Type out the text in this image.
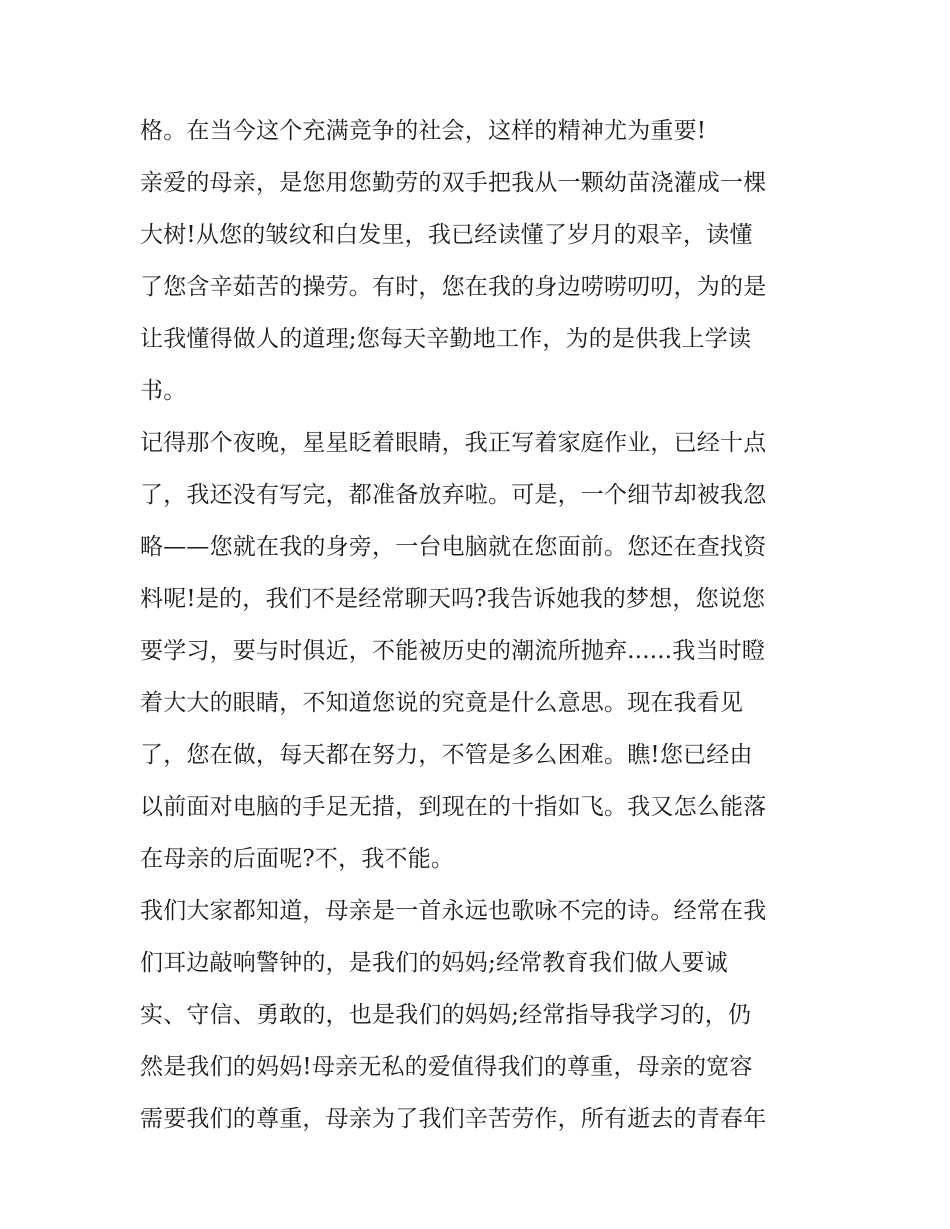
格。在当今这个充满竞争的社会，这样的精神尤为重要!
亲爱的母亲，是您用您勤劳的双手把我从一颗幼苗浇灌成一棵
大树!从您的皱纹和白发里，我已经读懂了岁月的艰辛，读懂
了您含辛茹苦的操劳。有时，您在我的身边唠唠叨叨，为的是
让我懂得做人的道理;您每天辛勤地工作，为的是供我上学读
书。
记得那个夜晚，星星眨着眼睛，我正写着家庭作业，已经十点
了，我还没有写完，都准备放弃啦。可是，一个细节却被我忽
略——您就在我的身旁，一台电脑就在您面前。您还在查找资
料呢!是的，我们不是经常聊天吗?我告诉她我的梦想，您说您
要学习，要与时俱近，不能被历史的潮流所抛弃......我当时瞪
着大大的眼睛，不知道您说的究竟是什么意思。现在我看见
了，您在做，每天都在努力，不管是多么困难。瞧!您已经由
以前面对电脑的手足无措，到现在的十指如飞。我又怎么能落
在母亲的后面呢?不，我不能。
我们大家都知道，母亲是一首永远也歌咏不完的诗。经常在我
们耳边敲响警钟的，是我们的妈妈;经常教育我们做人要诚
实、守信、勇敢的，也是我们的妈妈;经常指导我学习的，仍
然是我们的妈妈!母亲无私的爱值得我们的尊重，母亲的宽容
需要我们的尊重，母亲为了我们辛苦劳作，所有逝去的青春年
